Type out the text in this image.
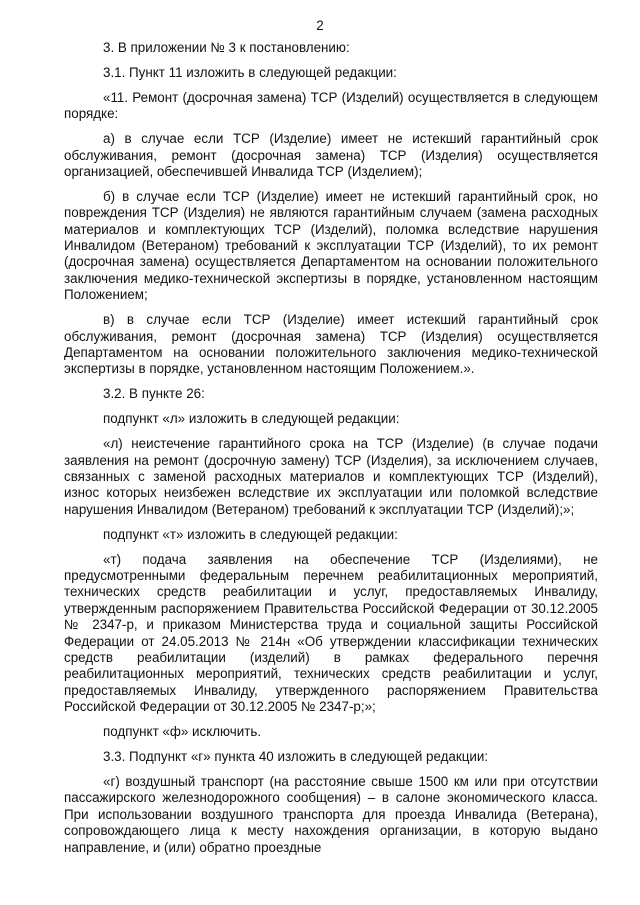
2

3. В приложении № 3 к постановлению:

3.1. Пункт 11 изложить в следующей редакции:

«11. Ремонт (досрочная замена) ТСР (Изделий) осуществляется в следующем порядке:

а) в случае если ТСР (Изделие) имеет не истекший гарантийный срок обслуживания, ремонт (досрочная замена) ТСР (Изделия) осуществляется организацией, обеспечившей Инвалида ТСР (Изделием);

б) в случае если ТСР (Изделие) имеет не истекший гарантийный срок, но повреждения ТСР (Изделия) не являются гарантийным случаем (замена расходных материалов и комплектующих ТСР (Изделий), поломка вследствие нарушения Инвалидом (Ветераном) требований к эксплуатации ТСР (Изделий), то их ремонт (досрочная замена) осуществляется Департаментом на основании положительного заключения медико-технической экспертизы в порядке, установленном настоящим Положением;

в) в случае если ТСР (Изделие) имеет истекший гарантийный срок обслуживания, ремонт (досрочная замена) ТСР (Изделия) осуществляется Департаментом на основании положительного заключения медико-технической экспертизы в порядке, установленном настоящим Положением.».

3.2. В пункте 26:

подпункт «л» изложить в следующей редакции:

«л) неистечение гарантийного срока на ТСР (Изделие) (в случае подачи заявления на ремонт (досрочную замену) ТСР (Изделия), за исключением случаев, связанных с заменой расходных материалов и комплектующих ТСР (Изделий), износ которых неизбежен вследствие их эксплуатации или поломкой вследствие нарушения Инвалидом (Ветераном) требований к эксплуатации ТСР (Изделий);»;

подпункт «т» изложить в следующей редакции:

«т) подача заявления на обеспечение ТСР (Изделиями), не предусмотренными федеральным перечнем реабилитационных мероприятий, технических средств реабилитации и услуг, предоставляемых Инвалиду, утвержденным распоряжением Правительства Российской Федерации от 30.12.2005 № 2347-р, и приказом Министерства труда и социальной защиты Российской Федерации от 24.05.2013 № 214н «Об утверждении классификации технических средств реабилитации (изделий) в рамках федерального перечня реабилитационных мероприятий, технических средств реабилитации и услуг, предоставляемых Инвалиду, утвержденного распоряжением Правительства Российской Федерации от 30.12.2005 № 2347-р;»;

подпункт «ф» исключить.

3.3. Подпункт «г» пункта 40 изложить в следующей редакции:

«г) воздушный транспорт (на расстояние свыше 1500 км или при отсутствии пассажирского железнодорожного сообщения) – в салоне экономического класса. При использовании воздушного транспорта для проезда Инвалида (Ветерана), сопровождающего лица к месту нахождения организации, в которую выдано направление, и (или) обратно проездные
